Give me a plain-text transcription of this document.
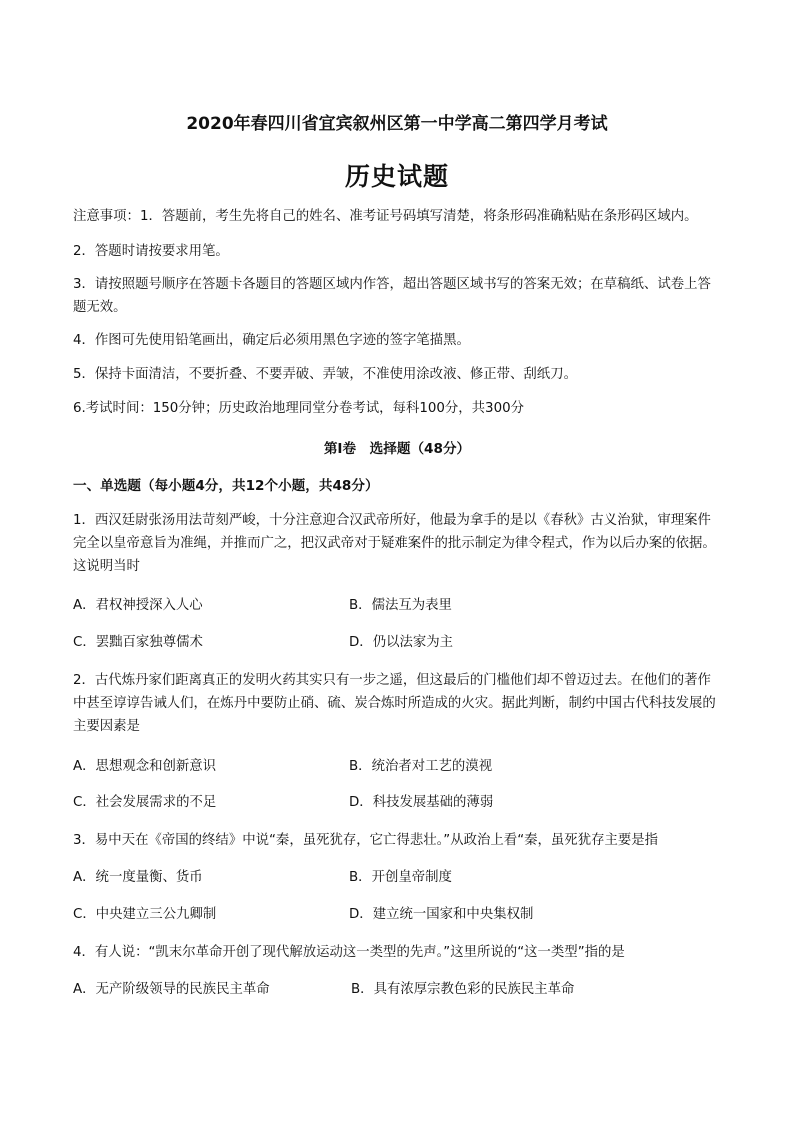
2020年春四川省宜宾叙州区第一中学高二第四学月考试
历史试题
注意事项：1．答题前，考生先将自己的姓名、准考证号码填写清楚，将条形码准确粘贴在条形码区域内。
2．答题时请按要求用笔。
3．请按照题号顺序在答题卡各题目的答题区域内作答，超出答题区域书写的答案无效；在草稿纸、试卷上答题无效。
4．作图可先使用铅笔画出，确定后必须用黑色字迹的签字笔描黑。
5．保持卡面清洁，不要折叠、不要弄破、弄皱，不准使用涂改液、修正带、刮纸刀。
6.考试时间：150分钟；历史政治地理同堂分卷考试，每科100分，共300分
第I卷　选择题（48分）
一、单选题（每小题4分，共12个小题，共48分）
1．西汉廷尉张汤用法苛刻严峻，十分注意迎合汉武帝所好，他最为拿手的是以《春秋》古义治狱，审理案件完全以皇帝意旨为准绳，并推而广之，把汉武帝对于疑难案件的批示制定为律令程式，作为以后办案的依据。这说明当时
A．君权神授深入人心	B．儒法互为表里
C．罢黜百家独尊儒术	D．仍以法家为主
2．古代炼丹家们距离真正的发明火药其实只有一步之遥，但这最后的门槛他们却不曾迈过去。在他们的著作中甚至谆谆告诫人们，在炼丹中要防止硝、硫、炭合炼时所造成的火灾。据此判断，制约中国古代科技发展的主要因素是
A．思想观念和创新意识	B．统治者对工艺的漠视
C．社会发展需求的不足	D．科技发展基础的薄弱
3．易中天在《帝国的终结》中说“秦，虽死犹存，它亡得悲壮。”从政治上看“秦，虽死犹存主要是指
A．统一度量衡、货币	B．开创皇帝制度
C．中央建立三公九卿制	D．建立统一国家和中央集权制
4．有人说：“凯末尔革命开创了现代解放运动这一类型的先声。”这里所说的“这一类型”指的是
A．无产阶级领导的民族民主革命	B．具有浓厚宗教色彩的民族民主革命
